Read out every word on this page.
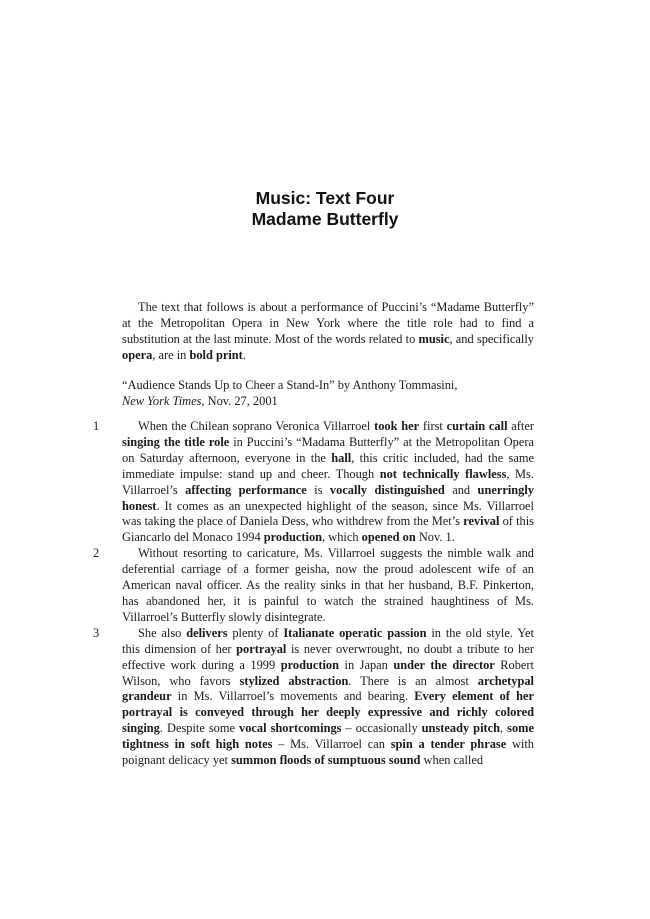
Music: Text Four
Madame Butterfly
The text that follows is about a performance of Puccini’s “Madame Butterfly” at the Metropolitan Opera in New York where the title role had to find a substitution at the last minute. Most of the words related to music, and specifically opera, are in bold print.
“Audience Stands Up to Cheer a Stand-In” by Anthony Tommasini,
New York Times, Nov. 27, 2001
1	When the Chilean soprano Veronica Villarroel took her first curtain call after singing the title role in Puccini’s “Madama Butterfly” at the Metropolitan Opera on Saturday afternoon, everyone in the hall, this critic included, had the same immediate impulse: stand up and cheer. Though not technically flawless, Ms. Villarroel’s affecting performance is vocally distinguished and unerringly honest. It comes as an unexpected highlight of the season, since Ms. Villarroel was taking the place of Daniela Dess, who withdrew from the Met’s revival of this Giancarlo del Monaco 1994 production, which opened on Nov. 1.
2	Without resorting to caricature, Ms. Villarroel suggests the nimble walk and deferential carriage of a former geisha, now the proud adolescent wife of an American naval officer. As the reality sinks in that her husband, B.F. Pinkerton, has abandoned her, it is painful to watch the strained haughtiness of Ms. Villarroel’s Butterfly slowly disintegrate.
3	She also delivers plenty of Italianate operatic passion in the old style. Yet this dimension of her portrayal is never overwrought, no doubt a tribute to her effective work during a 1999 production in Japan under the director Robert Wilson, who favors stylized abstraction. There is an almost archetypal grandeur in Ms. Villarroel’s movements and bearing. Every element of her portrayal is conveyed through her deeply expressive and richly colored singing. Despite some vocal shortcomings – occasionally unsteady pitch, some tightness in soft high notes – Ms. Villarroel can spin a tender phrase with poignant delicacy yet summon floods of sumptuous sound when called
